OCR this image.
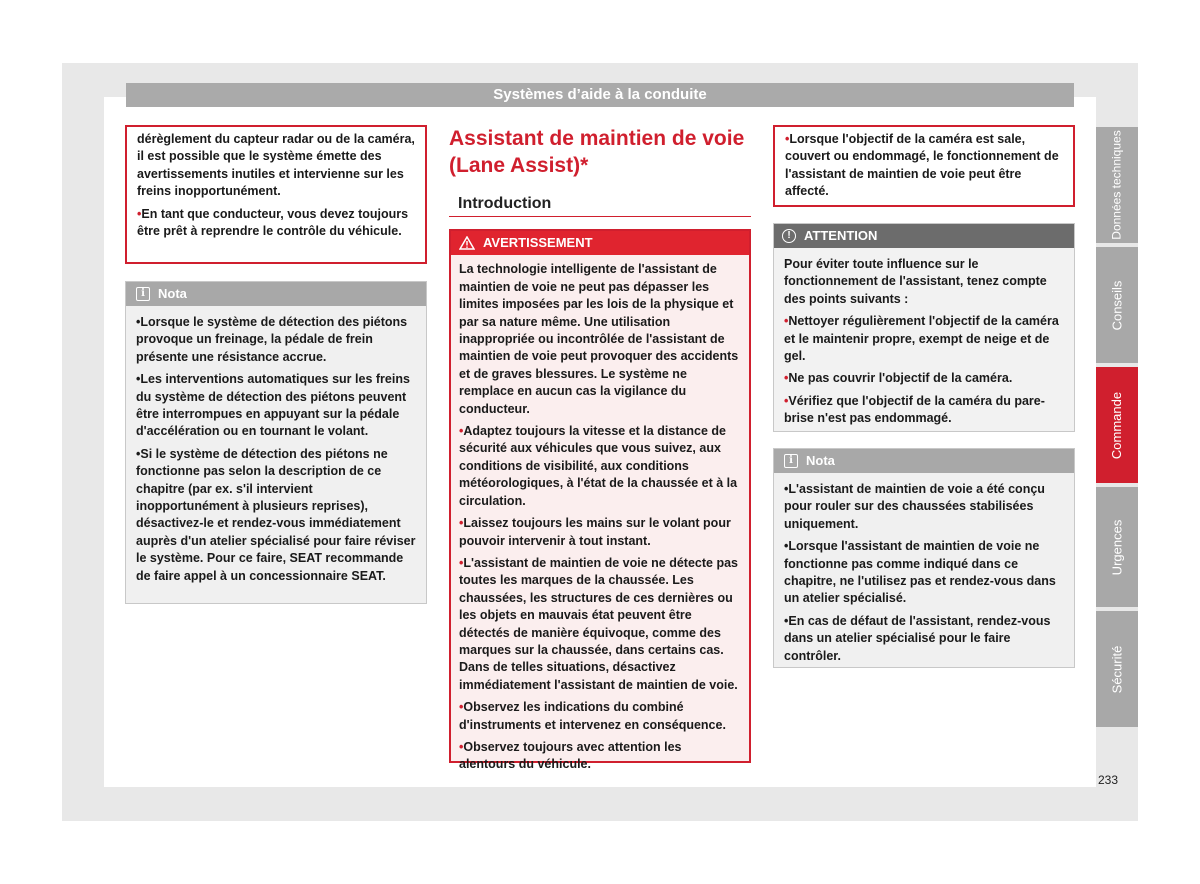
Systèmes d’aide à la conduite

dérèglement du capteur radar ou de la caméra, il est possible que le système émette des avertissements inutiles et intervienne sur les freins inopportunément.

• En tant que conducteur, vous devez toujours être prêt à reprendre le contrôle du véhicule.

i	Nota

• Lorsque le système de détection des piétons provoque un freinage, la pédale de frein présente une résistance accrue.

• Les interventions automatiques sur les freins du système de détection des piétons peuvent être interrompues en appuyant sur la pédale d'accélération ou en tournant le volant.

• Si le système de détection des piétons ne fonctionne pas selon la description de ce chapitre (par ex. s'il intervient inopportunément à plusieurs reprises), désactivez-le et rendez-vous immédiatement auprès d'un atelier spécialisé pour faire réviser le système. Pour ce faire, SEAT recommande de faire appel à un concessionnaire SEAT.

Assistant de maintien de voie (Lane Assist)*
Introduction
AVERTISSEMENT

La technologie intelligente de l'assistant de maintien de voie ne peut pas dépasser les limites imposées par les lois de la physique et par sa nature même. Une utilisation inappropriée ou incontrôlée de l'assistant de maintien de voie peut provoquer des accidents et de graves blessures. Le système ne remplace en aucun cas la vigilance du conducteur.

• Adaptez toujours la vitesse et la distance de sécurité aux véhicules que vous suivez, aux conditions de visibilité, aux conditions météorologiques, à l'état de la chaussée et à la circulation.

• Laissez toujours les mains sur le volant pour pouvoir intervenir à tout instant.

• L'assistant de maintien de voie ne détecte pas toutes les marques de la chaussée. Les chaussées, les structures de ces dernières ou les objets en mauvais état peuvent être détectés de manière équivoque, comme des marques sur la chaussée, dans certains cas. Dans de telles situations, désactivez immédiatement l'assistant de maintien de voie.

• Observez les indications du combiné d'instruments et intervenez en conséquence.

• Observez toujours avec attention les alentours du véhicule.

• Lorsque l'objectif de la caméra est sale, couvert ou endommagé, le fonctionnement de l'assistant de maintien de voie peut être affecté.

!	ATTENTION

Pour éviter toute influence sur le fonctionnement de l'assistant, tenez compte des points suivants :

• Nettoyer régulièrement l'objectif de la caméra et le maintenir propre, exempt de neige et de gel.

• Ne pas couvrir l'objectif de la caméra.

• Vérifiez que l'objectif de la caméra du pare-brise n'est pas endommagé.

i	Nota

• L'assistant de maintien de voie a été conçu pour rouler sur des chaussées stabilisées uniquement.

• Lorsque l'assistant de maintien de voie ne fonctionne pas comme indiqué dans ce chapitre, ne l'utilisez pas et rendez-vous dans un atelier spécialisé.

• En cas de défaut de l'assistant, rendez-vous dans un atelier spécialisé pour le faire contrôler.

Données techniques
Conseils
Commande
Urgences
Sécurité
233
